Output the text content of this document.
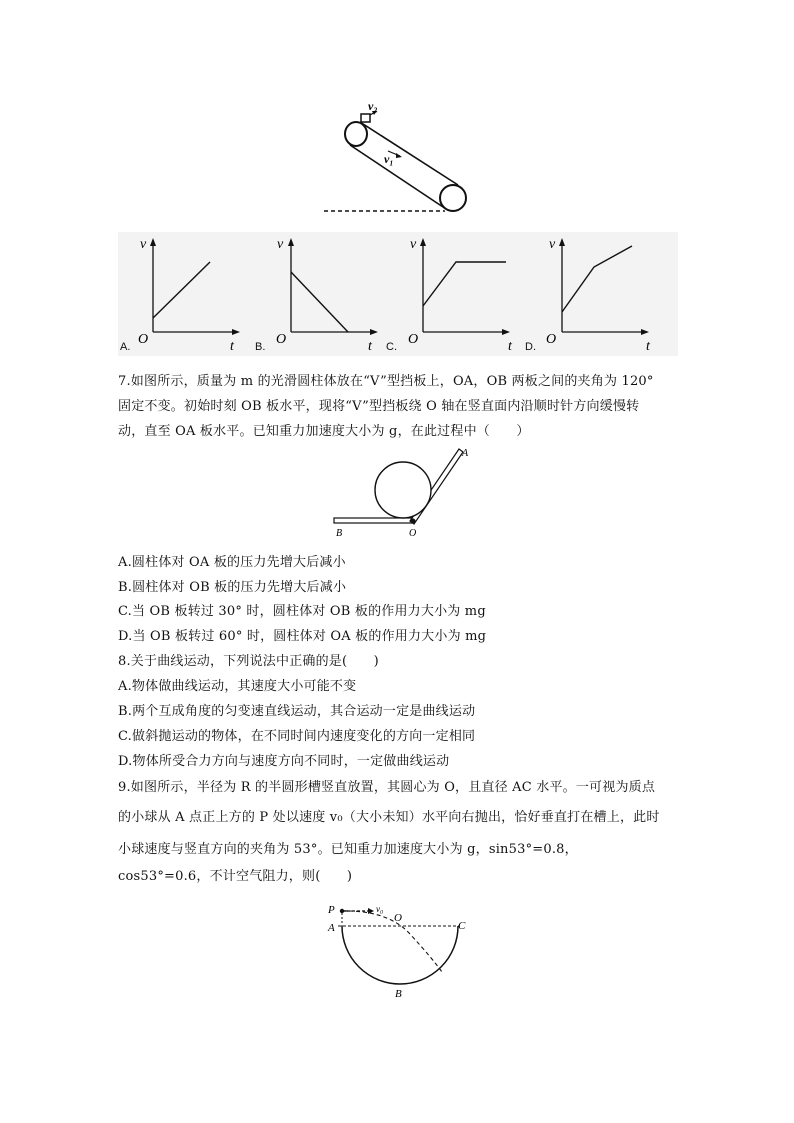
v₂
v₁
v
O	t
v
O	t
v
O	t
v
O	t
A.	B.	C.	D.
7.如图所示，质量为 m 的光滑圆柱体放在“V”型挡板上，OA，OB 两板之间的夹角为 120°
固定不变。初始时刻 OB 板水平，现将“V”型挡板绕 O 轴在竖直面内沿顺时针方向缓慢转
动，直至 OA 板水平。已知重力加速度大小为 g，在此过程中（　　）
A
B	O
A.圆柱体对 OA 板的压力先增大后减小
B.圆柱体对 OB 板的压力先增大后减小
C.当 OB 板转过 30° 时，圆柱体对 OB 板的作用力大小为 mg
D.当 OB 板转过 60° 时，圆柱体对 OA 板的作用力大小为 mg
8.关于曲线运动，下列说法中正确的是(　　)
A.物体做曲线运动，其速度大小可能不变
B.两个互成角度的匀变速直线运动，其合运动一定是曲线运动
C.做斜抛运动的物体，在不同时间内速度变化的方向一定相同
D.物体所受合力方向与速度方向不同时，一定做曲线运动
9.如图所示，半径为 R 的半圆形槽竖直放置，其圆心为 O，且直径 AC 水平。一可视为质点
的小球从 A 点正上方的 P 处以速度 v₀（大小未知）水平向右抛出，恰好垂直打在槽上，此时
小球速度与竖直方向的夹角为 53°。已知重力加速度大小为 g，sin53°=0.8，
cos53°=0.6，不计空气阻力，则(　　)
P	v₀
O
A	C
B
